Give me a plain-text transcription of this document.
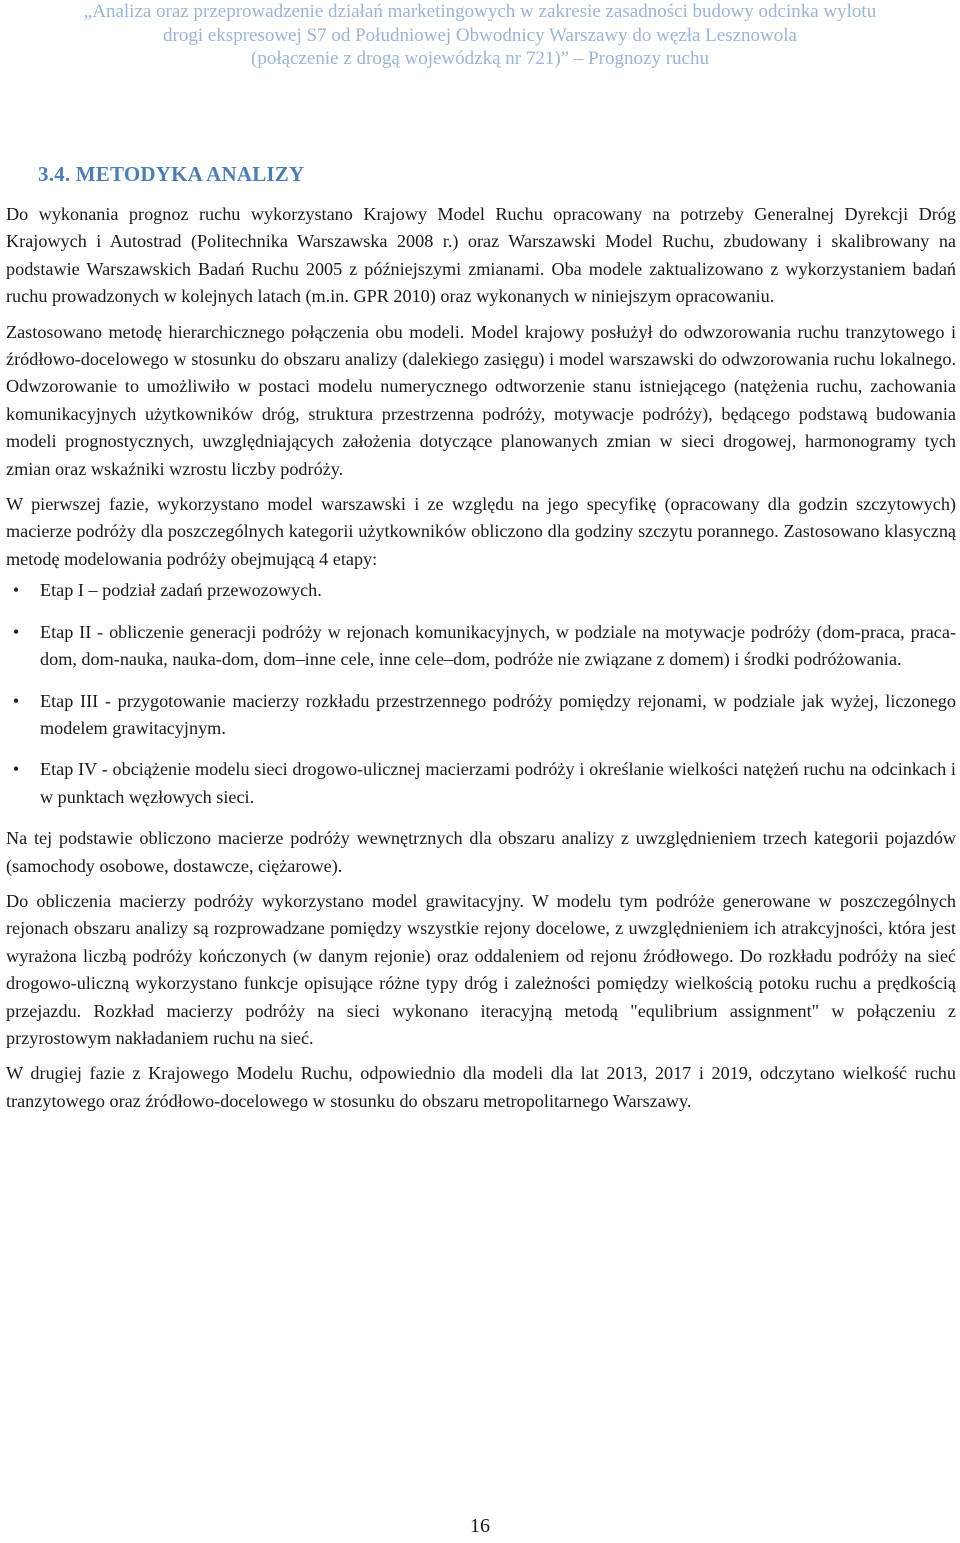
„Analiza oraz przeprowadzenie działań marketingowych w zakresie zasadności budowy odcinka wylotu
drogi ekspresowej S7 od Południowej Obwodnicy Warszawy do węzła Lesznowola
(połączenie z drogą wojewódzką nr 721)” – Prognozy ruchu
3.4. METODYKA ANALIZY

Do wykonania prognoz ruchu wykorzystano Krajowy Model Ruchu opracowany na potrzeby Generalnej Dyrekcji Dróg Krajowych i Autostrad (Politechnika Warszawska 2008 r.) oraz Warszawski Model Ruchu, zbudowany i skalibrowany na podstawie Warszawskich Badań Ruchu 2005 z późniejszymi zmianami. Oba modele zaktualizowano z wykorzystaniem badań ruchu prowadzonych w kolejnych latach (m.in. GPR 2010) oraz wykonanych w niniejszym opracowaniu.

Zastosowano metodę hierarchicznego połączenia obu modeli. Model krajowy posłużył do odwzorowania ruchu tranzytowego i źródłowo-docelowego w stosunku do obszaru analizy (dalekiego zasięgu) i model warszawski do odwzorowania ruchu lokalnego. Odwzorowanie to umożliwiło w postaci modelu numerycznego odtworzenie stanu istniejącego (natężenia ruchu, zachowania komunikacyjnych użytkowników dróg, struktura przestrzenna podróży, motywacje podróży), będącego podstawą budowania modeli prognostycznych, uwzględniających założenia dotyczące planowanych zmian w sieci drogowej, harmonogramy tych zmian oraz wskaźniki wzrostu liczby podróży.

W pierwszej fazie, wykorzystano model warszawski i ze względu na jego specyfikę (opracowany dla godzin szczytowych) macierze podróży dla poszczególnych kategorii użytkowników obliczono dla godziny szczytu porannego. Zastosowano klasyczną metodę modelowania podróży obejmującą 4 etapy:

•	Etap I – podział zadań przewozowych.
•	Etap II - obliczenie generacji podróży w rejonach komunikacyjnych, w podziale na motywacje podróży (dom-praca, praca-dom, dom-nauka, nauka-dom, dom–inne cele, inne cele–dom, podróże nie związane z domem) i środki podróżowania.
•	Etap III - przygotowanie macierzy rozkładu przestrzennego podróży pomiędzy rejonami, w podziale jak wyżej, liczonego modelem grawitacyjnym.
•	Etap IV - obciążenie modelu sieci drogowo-ulicznej macierzami podróży i określanie wielkości natężeń ruchu na odcinkach i w punktach węzłowych sieci.

Na tej podstawie obliczono macierze podróży wewnętrznych dla obszaru analizy z uwzględnieniem trzech kategorii pojazdów (samochody osobowe, dostawcze, ciężarowe).

Do obliczenia macierzy podróży wykorzystano model grawitacyjny. W modelu tym podróże generowane w poszczególnych rejonach obszaru analizy są rozprowadzane pomiędzy wszystkie rejony docelowe, z uwzględnieniem ich atrakcyjności, która jest wyrażona liczbą podróży kończonych (w danym rejonie) oraz oddaleniem od rejonu źródłowego. Do rozkładu podróży na sieć drogowo-uliczną wykorzystano funkcje opisujące różne typy dróg i zależności pomiędzy wielkością potoku ruchu a prędkością przejazdu. Rozkład macierzy podróży na sieci wykonano iteracyjną metodą "equlibrium assignment" w połączeniu z przyrostowym nakładaniem ruchu na sieć.

W drugiej fazie z Krajowego Modelu Ruchu, odpowiednio dla modeli dla lat 2013, 2017 i 2019, odczytano wielkość ruchu tranzytowego oraz źródłowo-docelowego w stosunku do obszaru metropolitarnego Warszawy.

16
